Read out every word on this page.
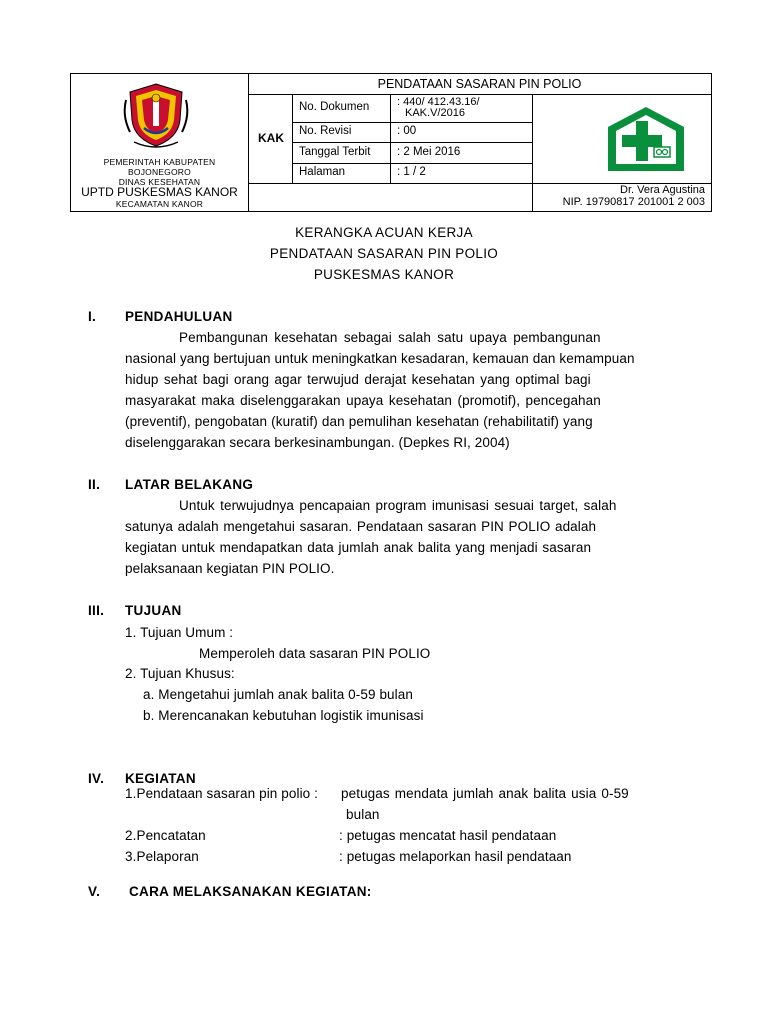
PEMERINTAH KABUPATEN
BOJONEGORO
DINAS KESEHATAN
UPTD PUSKESMAS KANOR
KECAMATAN KANOR
PENDATAAN SASARAN PIN POLIO
KAK
No. Dokumen	: 440/ 412.43.16/
KAK.V/2016
No. Revisi	: 00
Tanggal Terbit : 2 Mei 2016
Halaman	: 1 / 2
Dr. Vera Agustina
NIP. 19790817 201001 2 003
KERANGKA ACUAN KERJA
PENDATAAN SASARAN PIN POLIO
PUSKESMAS KANOR
I. PENDAHULUAN
Pembangunan kesehatan sebagai salah satu upaya pembangunan
nasional yang bertujuan untuk meningkatkan kesadaran, kemauan dan kemampuan
hidup sehat bagi orang agar terwujud derajat kesehatan yang optimal bagi
masyarakat maka diselenggarakan upaya kesehatan (promotif), pencegahan
(preventif), pengobatan (kuratif) dan pemulihan kesehatan (rehabilitatif) yang
diselenggarakan secara berkesinambungan. (Depkes RI, 2004)
II. LATAR BELAKANG
Untuk terwujudnya pencapaian program imunisasi sesuai target, salah
satunya adalah mengetahui sasaran. Pendataan sasaran PIN POLIO adalah
kegiatan untuk mendapatkan data jumlah anak balita yang menjadi sasaran
pelaksanaan kegiatan PIN POLIO.
III. TUJUAN
1. Tujuan Umum :
Memperoleh data sasaran PIN POLIO
2. Tujuan Khusus:
a. Mengetahui jumlah anak balita 0-59 bulan
b. Merencanakan kebutuhan logistik imunisasi
IV. KEGIATAN
1.Pendataan sasaran pin polio : petugas mendata jumlah anak balita usia 0-59
bulan
2.Pencatatan	: petugas mencatat hasil pendataan
3.Pelaporan	: petugas melaporkan hasil pendataan
V. CARA MELAKSANAKAN KEGIATAN:
